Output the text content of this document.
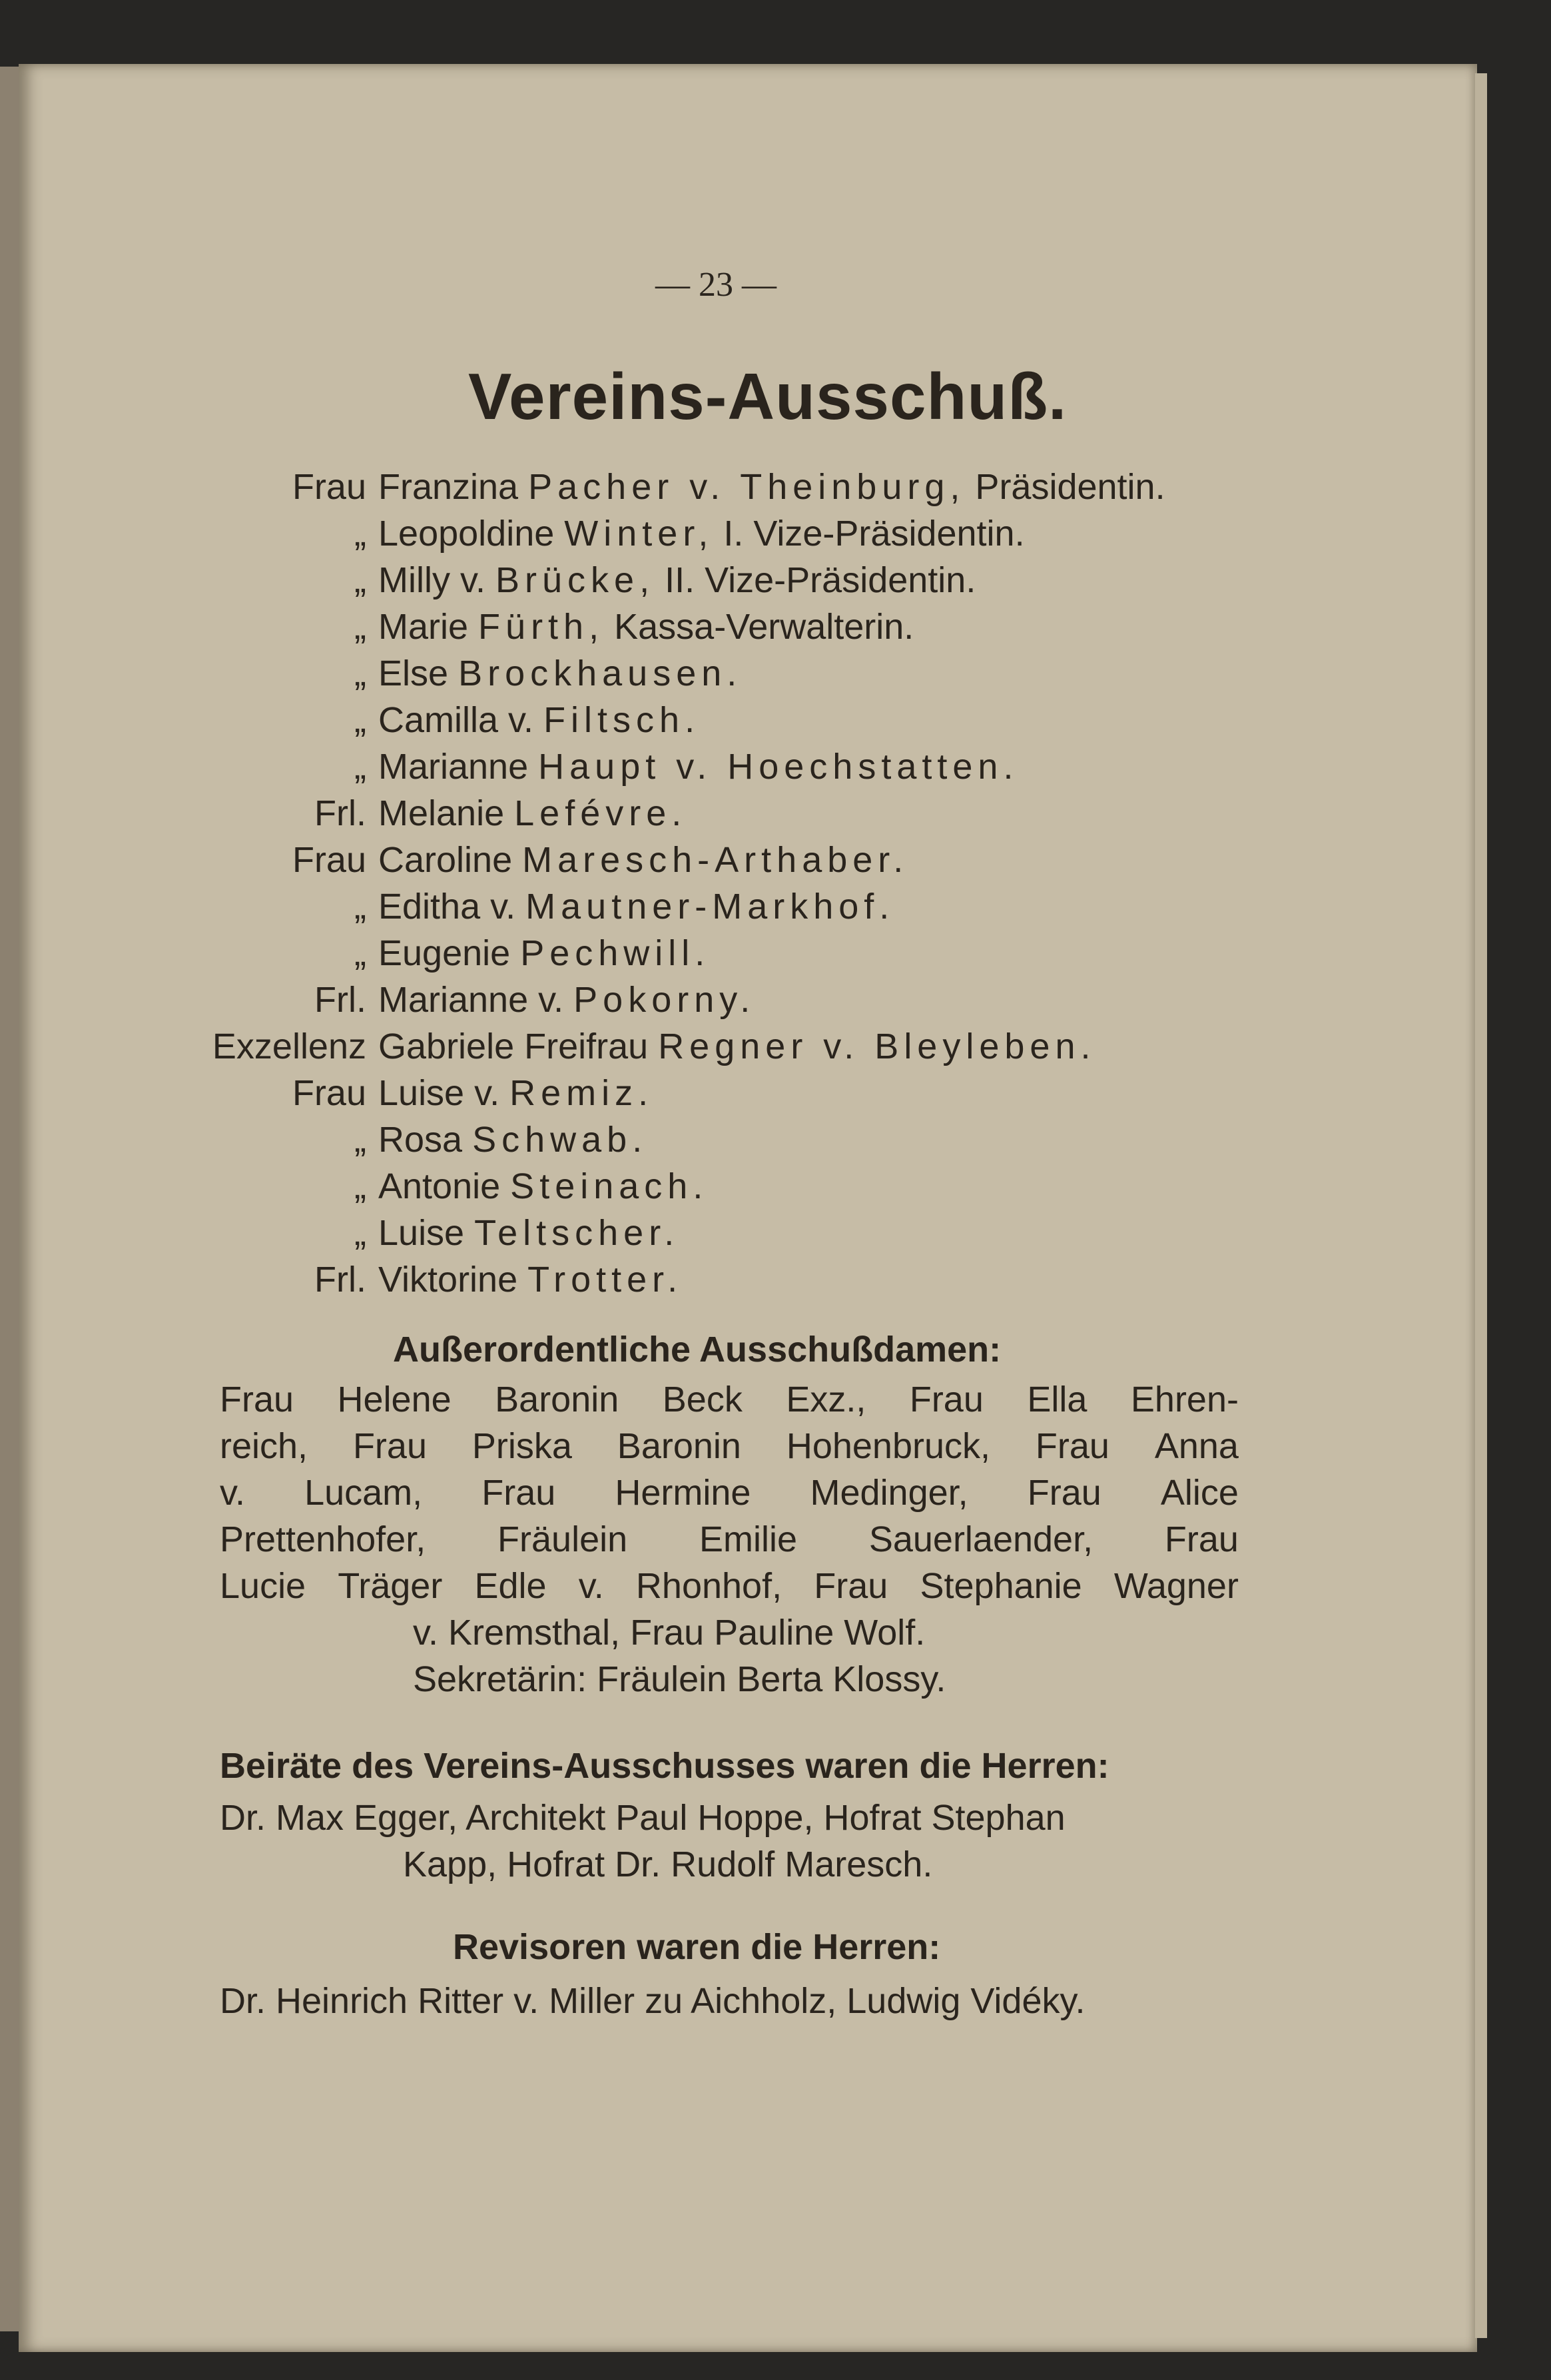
— 23 —
Vereins-Ausschuß.
Frau Franzina Pacher v. Theinburg, Präsidentin.
„ Leopoldine Winter, I. Vize-Präsidentin.
„ Milly v. Brücke, II. Vize-Präsidentin.
„ Marie Fürth, Kassa-Verwalterin.
„ Else Brockhausen.
„ Camilla v. Filtsch.
„ Marianne Haupt v. Hoechstatten.
Frl. Melanie Lefévre.
Frau Caroline Maresch-Arthaber.
„ Editha v. Mautner-Markhof.
„ Eugenie Pechwill.
Frl. Marianne v. Pokorny.
Exzellenz Gabriele Freifrau Regner v. Bleyleben.
Frau Luise v. Remiz.
„ Rosa Schwab.
„ Antonie Steinach.
„ Luise Teltscher.
Frl. Viktorine Trotter.
Außerordentliche Ausschußdamen:
Frau Helene Baronin Beck Exz., Frau Ella Ehren-
reich, Frau Priska Baronin Hohenbruck, Frau Anna
v. Lucam, Frau Hermine Medinger, Frau Alice
Prettenhofer, Fräulein Emilie Sauerlaender, Frau
Lucie Träger Edle v. Rhonhof, Frau Stephanie Wagner
v. Kremsthal, Frau Pauline Wolf.
Sekretärin: Fräulein Berta Klossy.
Beiräte des Vereins-Ausschusses waren die Herren:
Dr. Max Egger, Architekt Paul Hoppe, Hofrat Stephan
Kapp, Hofrat Dr. Rudolf Maresch.
Revisoren waren die Herren:
Dr. Heinrich Ritter v. Miller zu Aichholz, Ludwig Vidéky.
